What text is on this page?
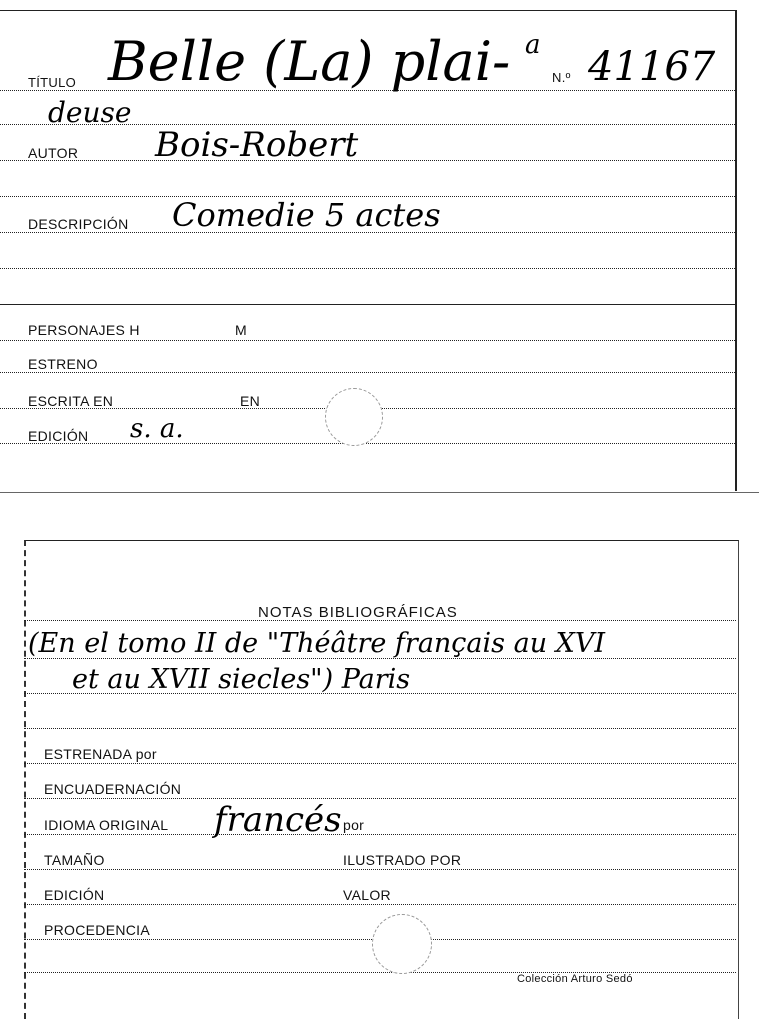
TÍTULO Belle (La) plai- a
N.º 41167
deuse
AUTOR Bois-Robert
DESCRIPCIÓN Comedie 5 actes
PERSONAJES H	M
ESTRENO
ESCRITA EN	EN
EDICIÓN s. a.
NOTAS BIBLIOGRÁFICAS
(En el tomo II de "Théâtre français au XVI
et au XVII siecles") Paris
ESTRENADA por
ENCUADERNACIÓN
IDIOMA ORIGINAL francés por
TAMAÑO	ILUSTRADO POR
EDICIÓN	VALOR
PROCEDENCIA
Colección Arturo Sedó
